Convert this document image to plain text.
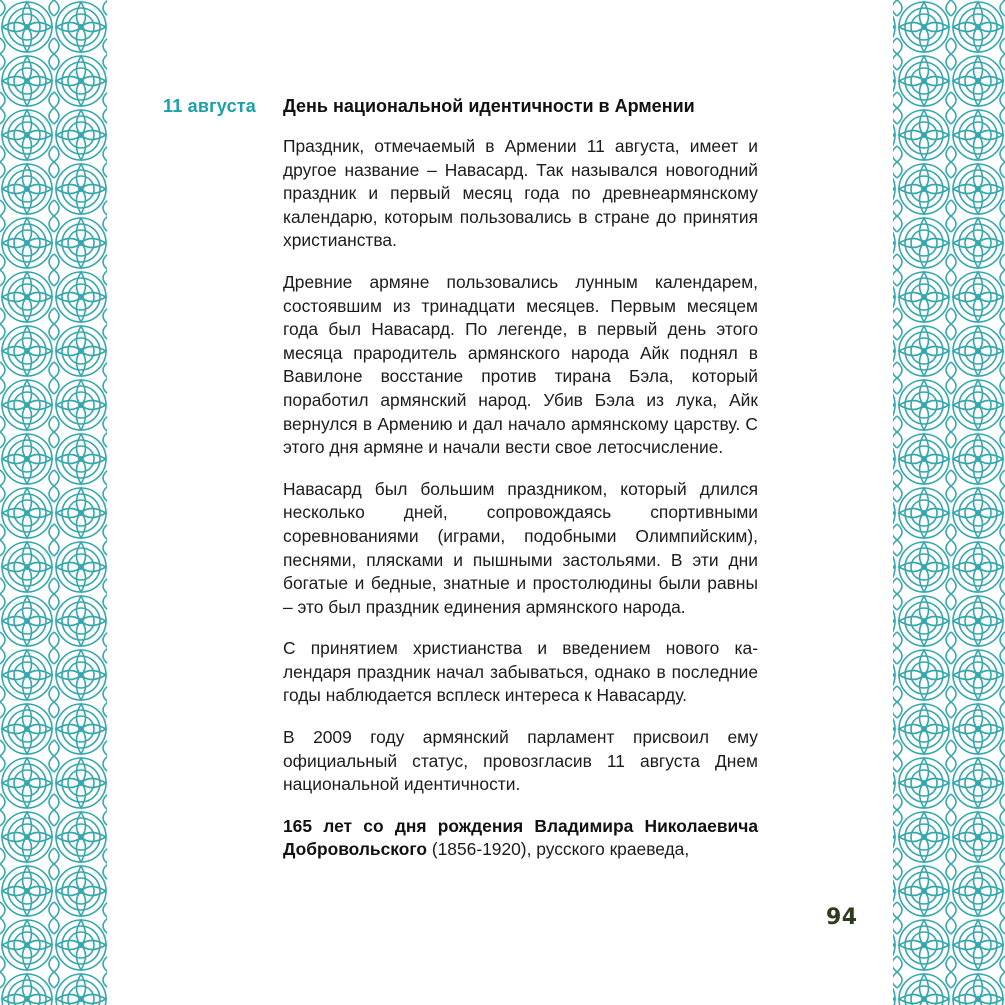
11 августа День национальной идентичности в Армении

Праздник, отмечаемый в Армении 11 августа, имеет и другое название – Навасард. Так назывался новогодний праздник и первый месяц года по древнеармянскому календарю, которым пользовались в стране до принятия христианства.

Древние армяне пользовались лунным календарем, состоявшим из тринадцати месяцев. Первым месяцем года был Навасард. По легенде, в первый день этого месяца прародитель армянского народа Айк поднял в Вавилоне восстание против тирана Бэла, который поработил армянский народ. Убив Бэла из лука, Айк вернулся в Армению и дал начало армянскому царству. С этого дня армяне и начали вести свое летосчисление.

Навасард был большим праздником, который длился несколько дней, сопровождаясь спортивными соревнованиями (играми, подобными Олимпийским), песнями, плясками и пышными застольями. В эти дни богатые и бедные, знатные и простолюдины были равны – это был праздник единения армянского народа.

С принятием христианства и введением нового календаря праздник начал забываться, однако в последние годы наблюдается всплеск интереса к Навасарду.

В 2009 году армянский парламент присвоил ему официальный статус, провозгласив 11 августа Днем национальной идентичности.

165 лет со дня рождения Владимира Николаевича Добровольского (1856-1920), русского краеведа,

94
